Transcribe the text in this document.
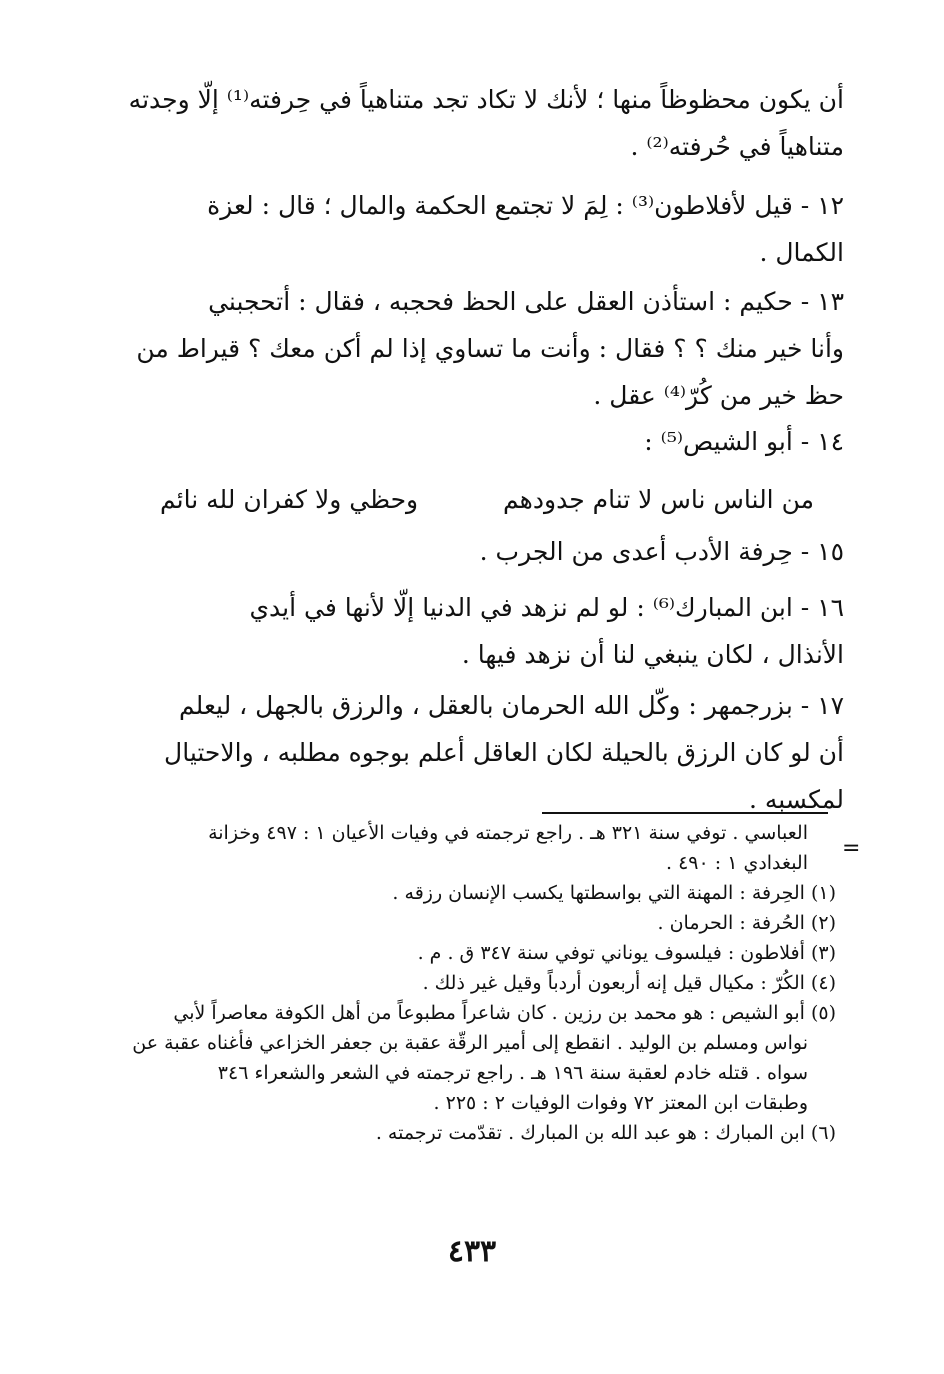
أن يكون محظوظاً منها ؛ لأنك لا تكاد تجد متناهياً في حِرفته⁽¹⁾ إلّا وجدته
متناهياً في حُرفته⁽²⁾ .
١٢ - قيل لأفلاطون⁽³⁾ : لِمَ لا تجتمع الحكمة والمال ؛ قال : لعزة
الكمال .
١٣ - حكيم : استأذن العقل على الحظ فحجبه ، فقال : أتحجبني
وأنا خير منك ؟ ؟ فقال : وأنت ما تساوي إذا لم أكن معك ؟ قيراط من
حظ خير من كُرّ⁽⁴⁾ عقل .
١٤ - أبو الشيص⁽⁵⁾ :
من الناس ناس لا تنام جدودهم
وحظي ولا كفران لله نائم
١٥ - حِرفة الأدب أعدى من الجرب .
١٦ - ابن المبارك⁽⁶⁾ : لو لم نزهد في الدنيا إلّا لأنها في أيدي
الأنذال ، لكان ينبغي لنا أن نزهد فيها .
١٧ - بزرجمهر : وكّل الله الحرمان بالعقل ، والرزق بالجهل ، ليعلم
أن لو كان الرزق بالحيلة لكان العاقل أعلم بوجوه مطلبه ، والاحتيال
لمكسبه .
=
العباسي . توفي سنة ٣٢١ هـ . راجع ترجمته في وفيات الأعيان ١ : ٤٩٧ وخزانة
البغدادي ١ : ٤٩٠ .
(١) الحِرفة : المهنة التي بواسطتها يكسب الإنسان رزقه .
(٢) الحُرفة : الحرمان .
(٣) أفلاطون : فيلسوف يوناني توفي سنة ٣٤٧ ق . م .
(٤) الكُرّ : مكيال قيل إنه أربعون أردباً وقيل غير ذلك .
(٥) أبو الشيص : هو محمد بن رزين . كان شاعراً مطبوعاً من أهل الكوفة معاصراً لأبي
نواس ومسلم بن الوليد . انقطع إلى أمير الرقّة عقبة بن جعفر الخزاعي فأغناه عقبة عن
سواه . قتله خادم لعقبة سنة ١٩٦ هـ . راجع ترجمته في الشعر والشعراء ٣٤٦
وطبقات ابن المعتز ٧٢ وفوات الوفيات ٢ : ٢٢٥ .
(٦) ابن المبارك : هو عبد الله بن المبارك . تقدّمت ترجمته .
٤٣٣
